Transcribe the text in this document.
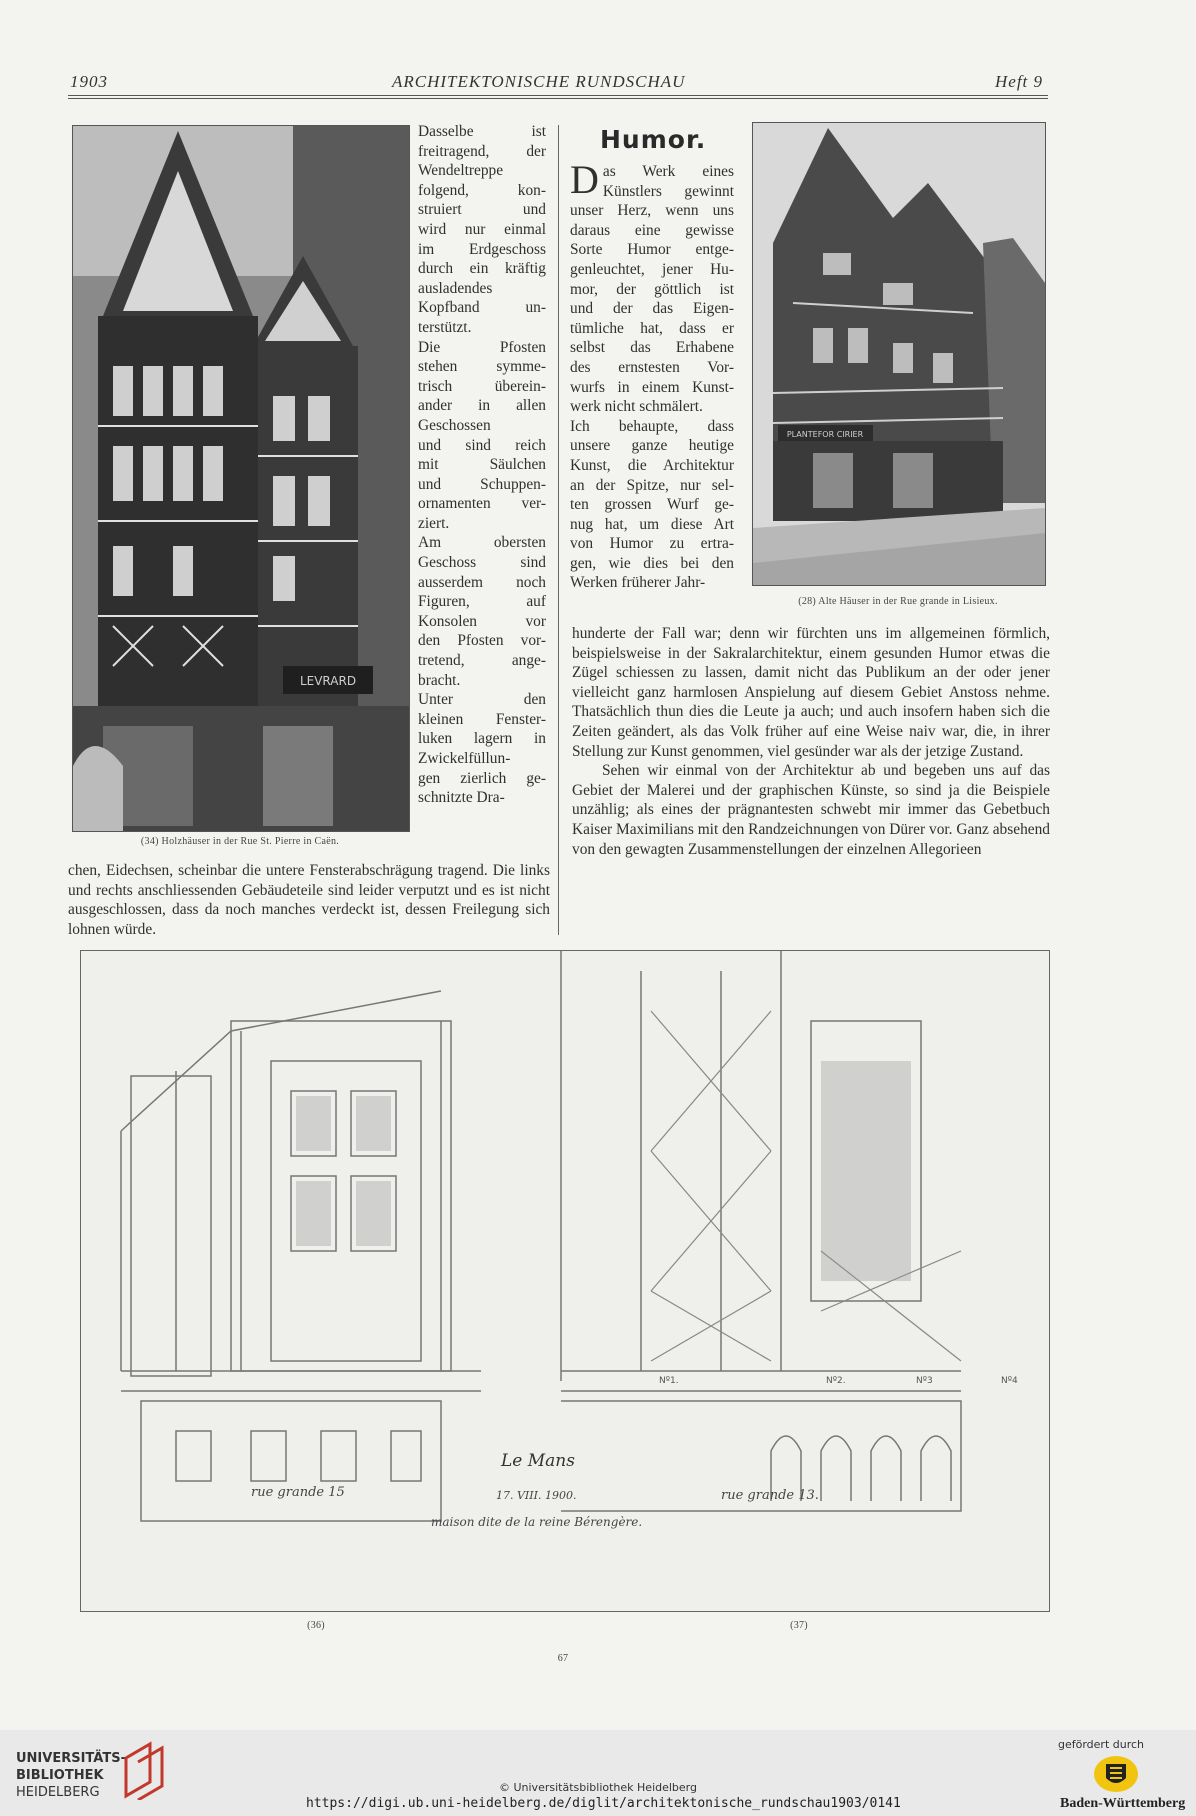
1903	ARCHITEKTONISCHE RUNDSCHAU	Heft 9
LEVRARD
(34) Holzhäuser in der Rue St. Pierre in Caën.
Dasselbe ist
freitragend, der
Wendeltreppe
folgend, kon-
struiert und
wird nur einmal
im Erdgeschoss
durch ein kräftig
ausladendes
Kopfband un-
terstützt.
Die Pfosten
stehen symme-
trisch überein-
ander in allen
Geschossen
und sind reich
mit Säulchen
und Schuppen-
ornamenten ver-
ziert.
Am obersten
Geschoss sind
ausserdem noch
Figuren, auf
Konsolen vor
den Pfosten vor-
tretend, ange-
bracht.
Unter den
kleinen Fenster-
luken lagern in
Zwickelfüllun-
gen zierlich ge-
schnitzte Dra-
chen, Eidechsen, scheinbar die untere Fensterabschrägung tragend. Die links und rechts anschliessenden Gebäudeteile sind leider verputzt und es ist nicht ausgeschlossen, dass da noch manches verdeckt ist, dessen Freilegung sich lohnen würde.
Humor.
D as Werk eines
Künstlers gewinnt
unser Herz, wenn uns
daraus eine gewisse
Sorte Humor entge-
genleuchtet, jener Hu-
mor, der göttlich ist
und der das Eigen-
tümliche hat, dass er
selbst das Erhabene
des ernstesten Vor-
wurfs in einem Kunst-
werk nicht schmälert.
Ich behaupte, dass
unsere ganze heutige
Kunst, die Architektur
an der Spitze, nur sel-
ten grossen Wurf ge-
nug hat, um diese Art
von Humor zu ertra-
gen, wie dies bei den
Werken früherer Jahr-
PLANTEFOR CIRIER
(28) Alte Häuser in der Rue grande in Lisieux.

hunderte der Fall war; denn wir fürchten uns im allgemeinen förmlich, beispielsweise in der Sakralarchitektur, einem gesunden Humor etwas die Zügel schiessen zu lassen, damit nicht das Publikum an der oder jener vielleicht ganz harmlosen Anspielung auf diesem Gebiet Anstoss nehme. Thatsächlich thun dies die Leute ja auch; und auch insofern haben sich die Zeiten geändert, als das Volk früher auf eine Weise naiv war, die, in ihrer Stellung zur Kunst genommen, viel gesünder war als der jetzige Zustand.

Sehen wir einmal von der Architektur ab und begeben uns auf das Gebiet der Malerei und der graphischen Künste, so sind ja die Beispiele unzählig; als eines der prägnantesten schwebt mir immer das Gebetbuch Kaiser Maximilians mit den Randzeichnungen von Dürer vor. Ganz absehend von den gewagten Zusammenstellungen der einzelnen Allegorieen

rue grande 15
Le Mans
17. VIII. 1900.
maison dite de la reine Bérengère.
rue grande 13.
Nº1.	Nº2.	Nº3	Nº4
(36)	(37)
67
UNIVERSITÄTS-
BIBLIOTHEK
HEIDELBERG	© Universitätsbibliothek Heidelberg
https://digi.ub.uni-heidelberg.de/diglit/architektonische_rundschau1903/0141
gefördert durch
Baden-Württemberg
